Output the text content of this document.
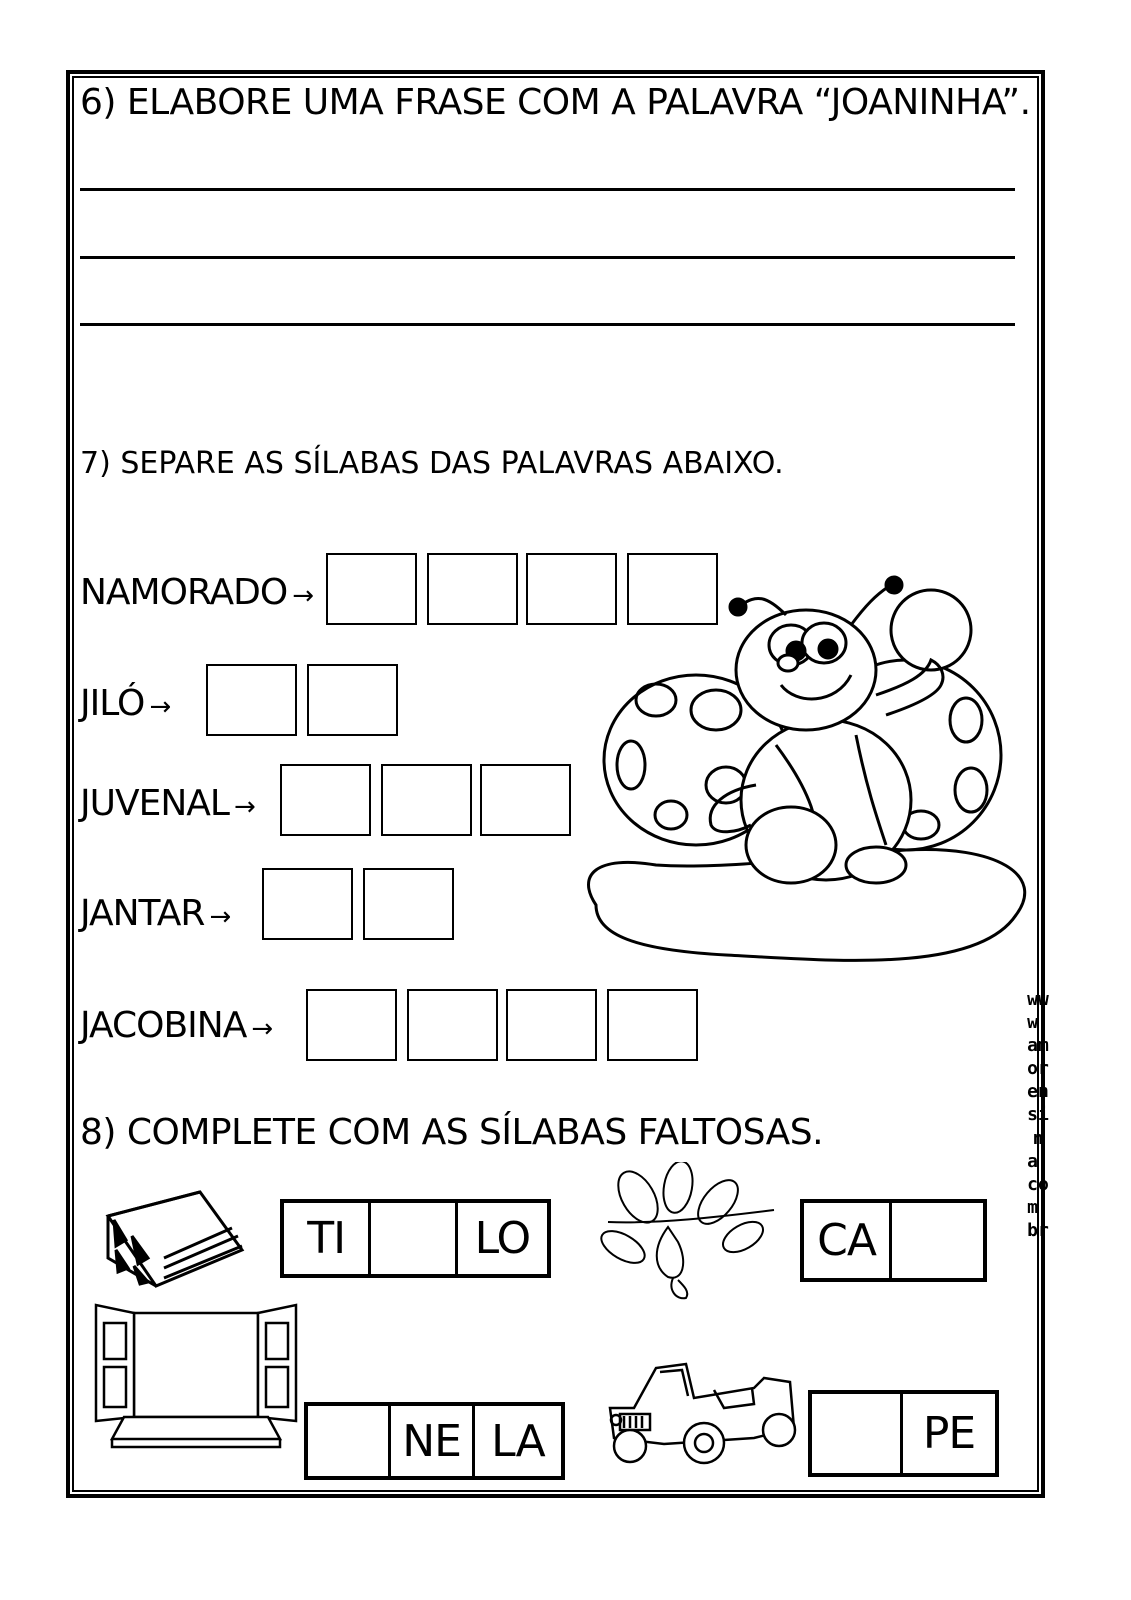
6) ELABORE UMA FRASE COM A PALAVRA “JOANINHA”.
7) SEPARE AS SÍLABAS DAS PALAVRAS ABAIXO.
NAMORADO →
JILÓ →
JUVENAL →
JANTAR →
JACOBINA →
8) COMPLETE COM AS SÍLABAS FALTOSAS.
TI	LO	CA
NE LA	PE
www.amorensina.com.br
